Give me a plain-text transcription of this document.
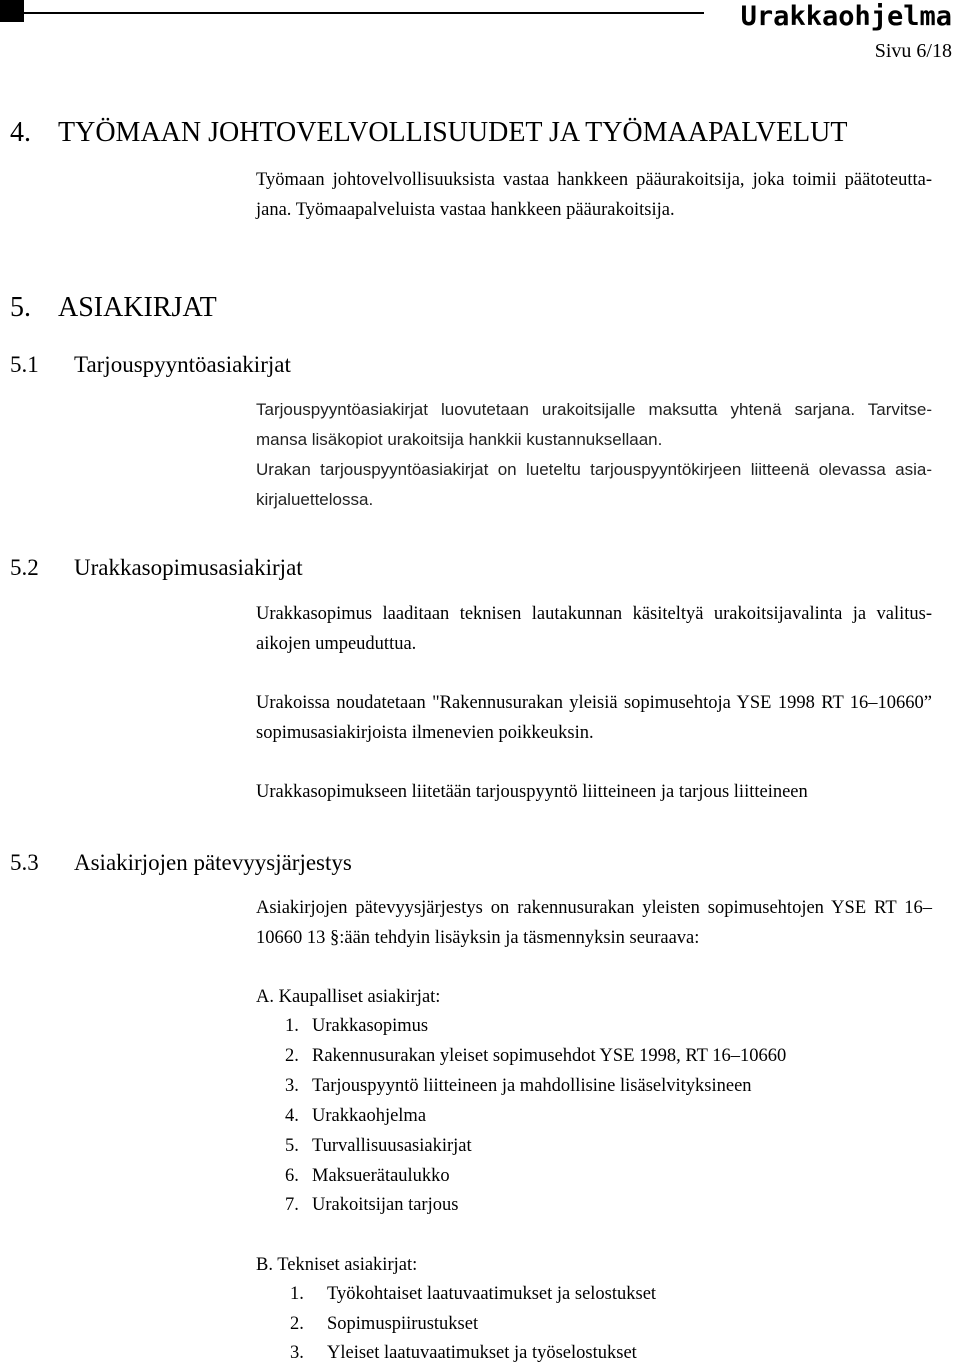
Urakkaohjelma
Sivu 6/18
4. TYÖMAAN JOHTOVELVOLLISUUDET JA TYÖMAAPALVELUT
Työmaan johtovelvollisuuksista vastaa hankkeen pääurakoitsija, joka toimii päätoteutta-jana. Työmaapalveluista vastaa hankkeen pääurakoitsija.
5. ASIAKIRJAT
5.1 Tarjouspyyntöasiakirjat
Tarjouspyyntöasiakirjat luovutetaan urakoitsijalle maksutta yhtenä sarjana. Tarvitse-mansa lisäkopiot urakoitsija hankkii kustannuksellaan.
Urakan tarjouspyyntöasiakirjat on lueteltu tarjouspyyntökirjeen liitteenä olevassa asia-kirjaluettelossa.
5.2 Urakkasopimusasiakirjat
Urakkasopimus laaditaan teknisen lautakunnan käsiteltyä urakoitsijavalinta ja valitus-aikojen umpeuduttua.
Urakoissa noudatetaan "Rakennusurakan yleisiä sopimusehtoja YSE 1998 RT 16–10660” sopimusasiakirjoista ilmenevien poikkeuksin.
Urakkasopimukseen liitetään tarjouspyyntö liitteineen ja tarjous liitteineen
5.3 Asiakirjojen pätevyysjärjestys
Asiakirjojen pätevyysjärjestys on rakennusurakan yleisten sopimusehtojen YSE RT 16–10660 13 §:ään tehdyin lisäyksin ja täsmennyksin seuraava:
A. Kaupalliset asiakirjat:
1. Urakkasopimus
2. Rakennusurakan yleiset sopimusehdot YSE 1998, RT 16–10660
3. Tarjouspyyntö liitteineen ja mahdollisine lisäselvityksineen
4. Urakkaohjelma
5. Turvallisuusasiakirjat
6. Maksuerätaulukko
7. Urakoitsijan tarjous
B. Tekniset asiakirjat:
1. Työkohtaiset laatuvaatimukset ja selostukset
2. Sopimuspiirustukset
3. Yleiset laatuvaatimukset ja työselostukset
